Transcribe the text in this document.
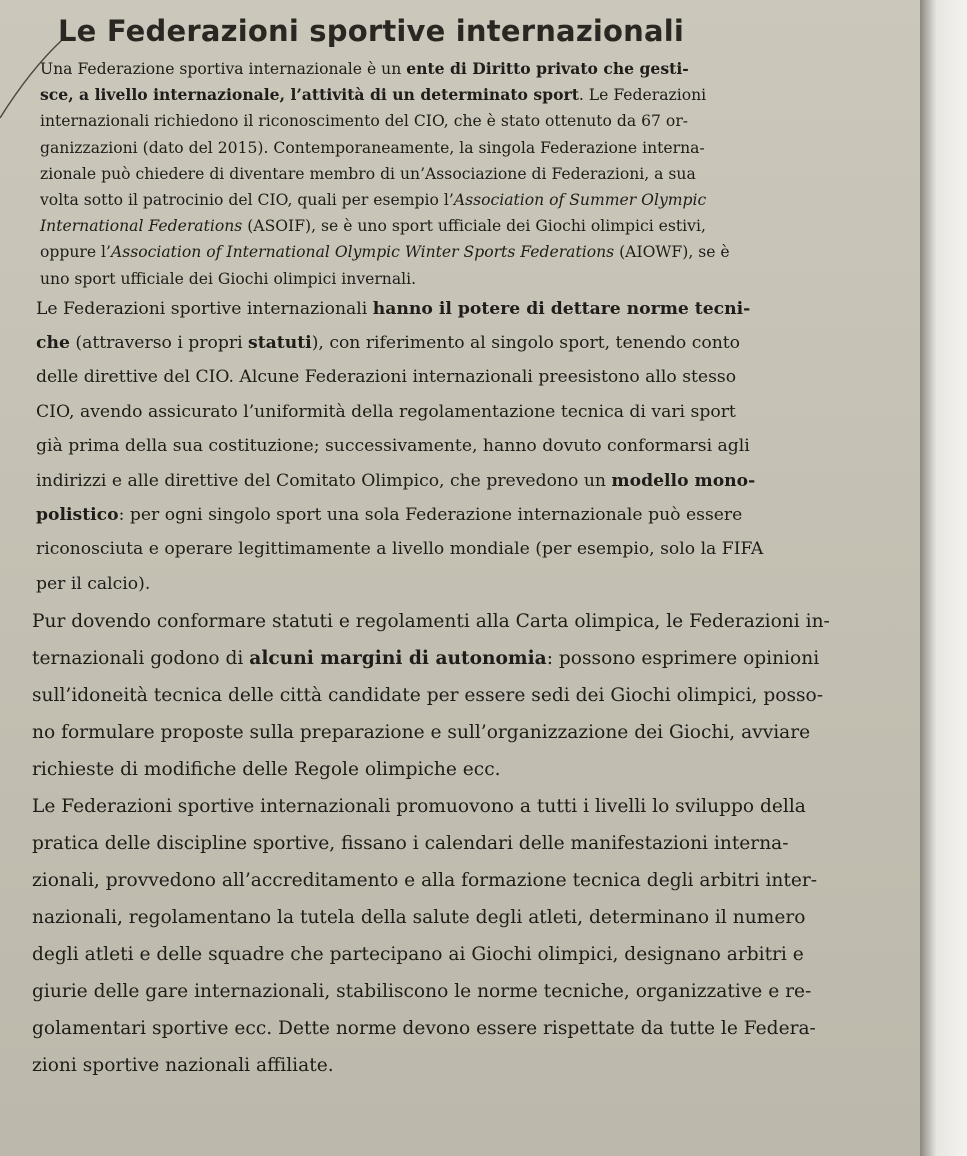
Le Federazioni sportive internazionali
Una Federazione sportiva internazionale è un ente di Diritto privato che gesti-
sce, a livello internazionale, l’attività di un determinato sport. Le Federazioni
internazionali richiedono il riconoscimento del CIO, che è stato ottenuto da 67 or-
ganizzazioni (dato del 2015). Contemporaneamente, la singola Federazione interna-
zionale può chiedere di diventare membro di un’Associazione di Federazioni, a sua
volta sotto il patrocinio del CIO, quali per esempio l’Association of Summer Olympic
International Federations (ASOIF), se è uno sport ufficiale dei Giochi olimpici estivi,
oppure l’Association of International Olympic Winter Sports Federations (AIOWF), se è
uno sport ufficiale dei Giochi olimpici invernali.
Le Federazioni sportive internazionali hanno il potere di dettare norme tecni-
che (attraverso i propri statuti), con riferimento al singolo sport, tenendo conto
delle direttive del CIO. Alcune Federazioni internazionali preesistono allo stesso
CIO, avendo assicurato l’uniformità della regolamentazione tecnica di vari sport
già prima della sua costituzione; successivamente, hanno dovuto conformarsi agli
indirizzi e alle direttive del Comitato Olimpico, che prevedono un modello mono-
polistico: per ogni singolo sport una sola Federazione internazionale può essere
riconosciuta e operare legittimamente a livello mondiale (per esempio, solo la FIFA
per il calcio).
Pur dovendo conformare statuti e regolamenti alla Carta olimpica, le Federazioni in-
ternazionali godono di alcuni margini di autonomia: possono esprimere opinioni
sull’idoneità tecnica delle città candidate per essere sedi dei Giochi olimpici, posso-
no formulare proposte sulla preparazione e sull’organizzazione dei Giochi, avviare
richieste di modifiche delle Regole olimpiche ecc.
Le Federazioni sportive internazionali promuovono a tutti i livelli lo sviluppo della
pratica delle discipline sportive, fissano i calendari delle manifestazioni interna-
zionali, provvedono all’accreditamento e alla formazione tecnica degli arbitri inter-
nazionali, regolamentano la tutela della salute degli atleti, determinano il numero
degli atleti e delle squadre che partecipano ai Giochi olimpici, designano arbitri e
giurie delle gare internazionali, stabiliscono le norme tecniche, organizzative e re-
golamentari sportive ecc. Dette norme devono essere rispettate da tutte le Federa-
zioni sportive nazionali affiliate.
